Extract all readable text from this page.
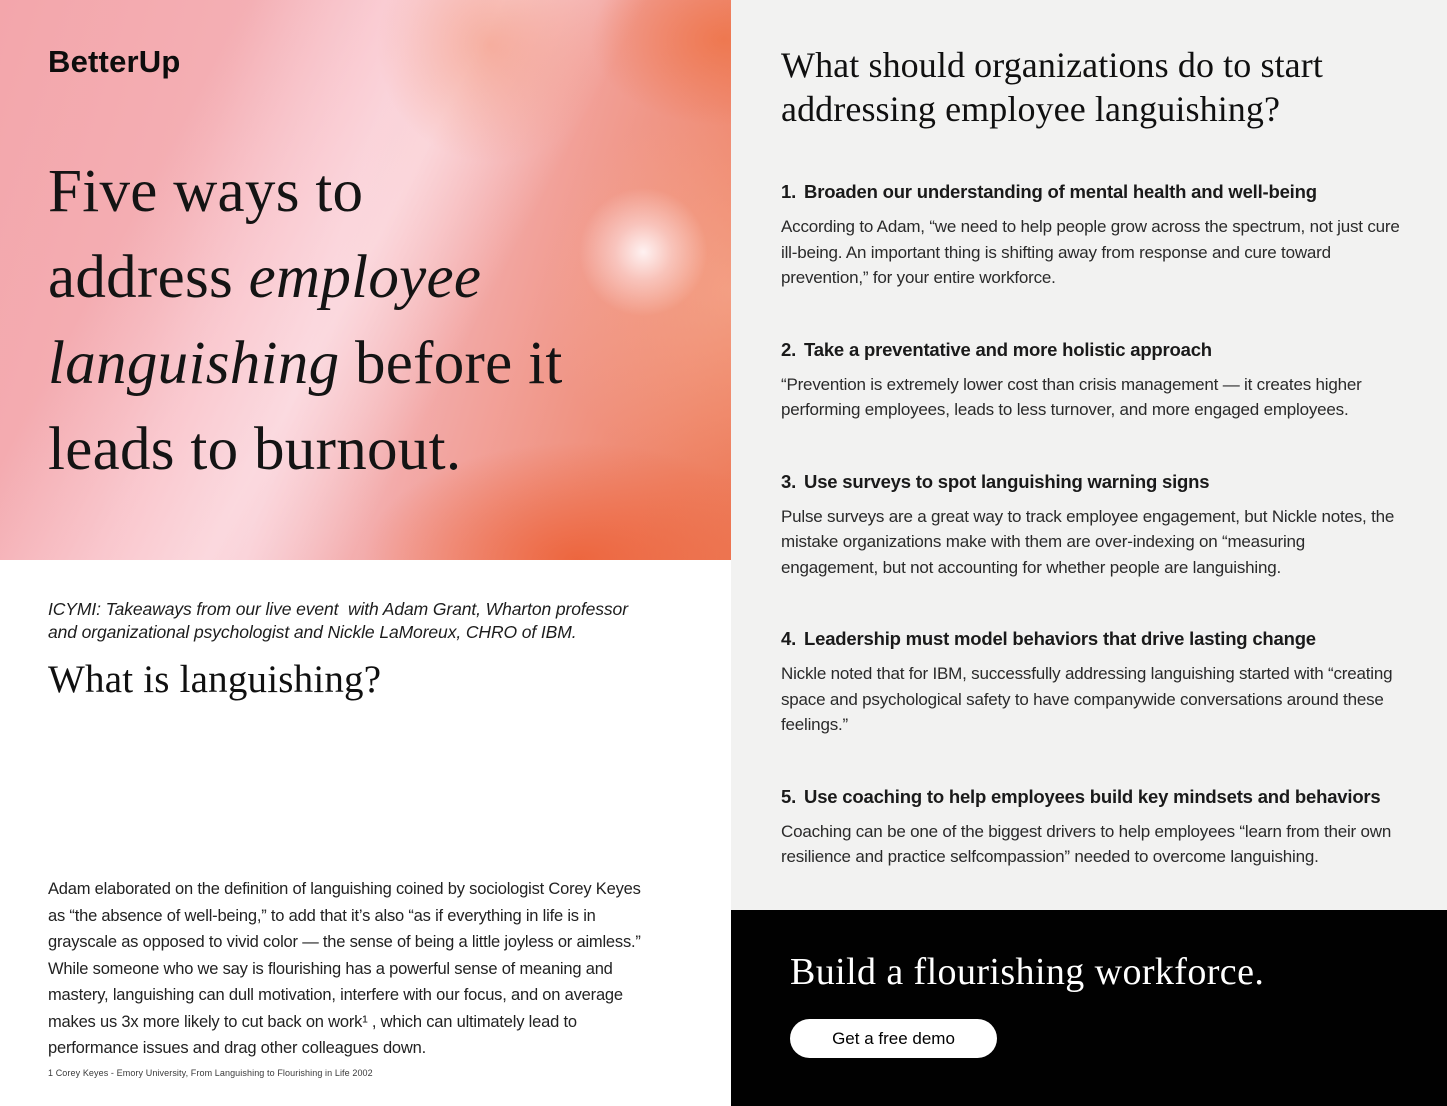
BetterUp
Five ways to
address employee
languishing before it
leads to burnout.
ICYMI: Takeaways from our live event  with Adam Grant, Wharton professor
and organizational psychologist and Nickle LaMoreux, CHRO of IBM.
What is languishing?

Adam elaborated on the definition of languishing coined by sociologist Corey Keyes as “the absence of well-being,” to add that it’s also “as if everything in life is in grayscale as opposed to vivid color — the sense of being a little joyless or aimless.” While someone who we say is flourishing has a powerful sense of meaning and mastery, languishing can dull motivation, interfere with our focus, and on average makes us 3x more likely to cut back on work¹ , which can ultimately lead to performance issues and drag other colleagues down.

1 Corey Keyes - Emory University, From Languishing to Flourishing in Life 2002
What should organizations do to start
addressing employee languishing?
1. Broaden our understanding of mental health and well-being

According to Adam, “we need to help people grow across the spectrum, not just cure ill-being. An important thing is shifting away from response and cure toward prevention,” for your entire workforce.

2. Take a preventative and more holistic approach

“Prevention is extremely lower cost than crisis management — it creates higher performing employees, leads to less turnover, and more engaged employees.

3. Use surveys to spot languishing warning signs

Pulse surveys are a great way to track employee engagement, but Nickle notes, the mistake organizations make with them are over-indexing on “measuring engagement, but not accounting for whether people are languishing.

4. Leadership must model behaviors that drive lasting change

Nickle noted that for IBM, successfully addressing languishing started with “creating space and psychological safety to have companywide conversations around these feelings.”

5. Use coaching to help employees build key mindsets and behaviors

Coaching can be one of the biggest drivers to help employees “learn from their own resilience and practice selfcompassion” needed to overcome languishing.

Build a flourishing workforce.
Get a free demo
